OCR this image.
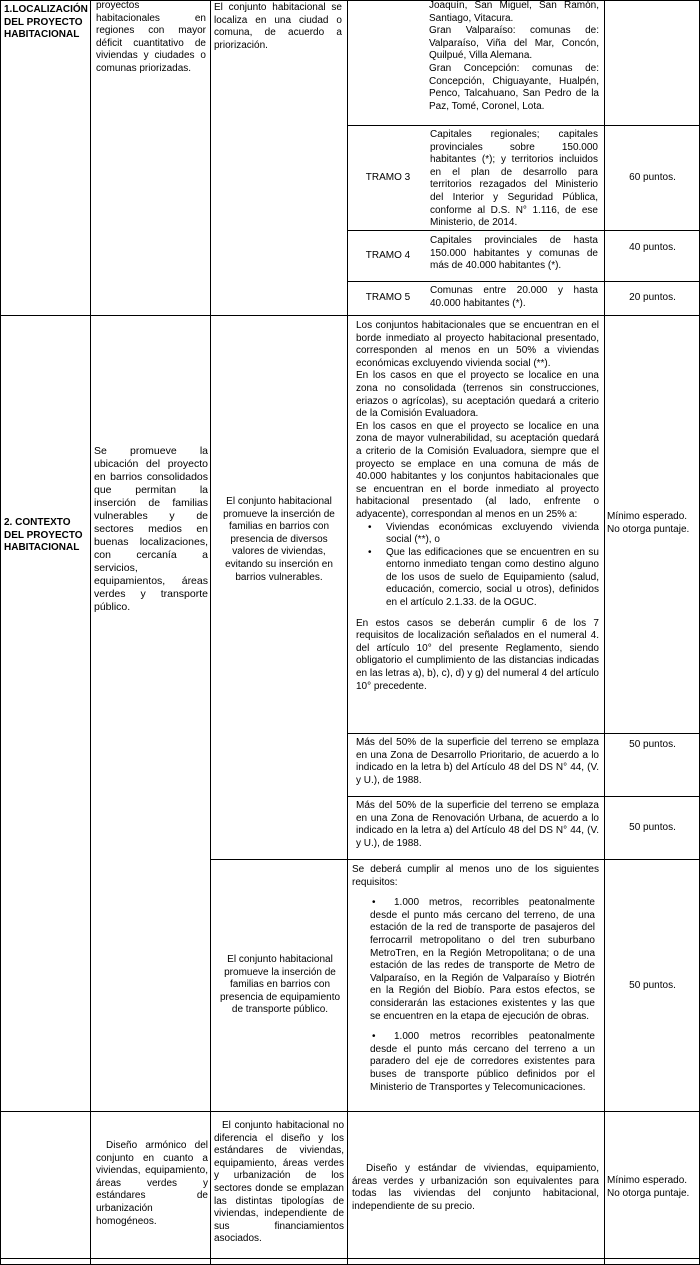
1.LOCALIZACIÓN DEL PROYECTO HABITACIONAL
proyectos habitacionales en regiones con mayor déficit cuantitativo de viviendas y ciudades o comunas priorizadas.
El conjunto habitacional se localiza en una ciudad o comuna, de acuerdo a priorización.

Joaquín, San Miguel, San Ramón, Santiago, Vitacura.

Gran Valparaíso: comunas de: Valparaíso, Viña del Mar, Concón, Quilpué, Villa Alemana.

Gran Concepción: comunas de: Concepción, Chiguayante, Hualpén, Penco, Talcahuano, San Pedro de la Paz, Tomé, Coronel, Lota.

TRAMO 3
Capitales regionales; capitales provinciales sobre 150.000 habitantes (*); y territorios incluidos en el plan de desarrollo para territorios rezagados del Ministerio del Interior y Seguridad Pública, conforme al D.S. N° 1.116, de ese Ministerio, de 2014.
60 puntos.
TRAMO 4
Capitales provinciales de hasta 150.000 habitantes y comunas de más de 40.000 habitantes (*).
40 puntos.
TRAMO 5
Comunas entre 20.000 y hasta 40.000 habitantes (*).
20 puntos.
2. CONTEXTO DEL PROYECTO HABITACIONAL
Se promueve la ubicación del proyecto en barrios consolidados que permitan la inserción de familias vulnerables y de sectores medios en buenas localizaciones, con cercanía a servicios, equipamientos, áreas verdes y transporte público.
El conjunto habitacional promueve la inserción de familias en barrios con presencia de diversos valores de viviendas, evitando su inserción en barrios vulnerables.

Los conjuntos habitacionales que se encuentran en el borde inmediato al proyecto habitacional presentado, corresponden al menos en un 50% a viviendas económicas excluyendo vivienda social (**).

En los casos en que el proyecto se localice en una zona no consolidada (terrenos sin construcciones, eriazos o agrícolas), su aceptación quedará a criterio de la Comisión Evaluadora.

En los casos en que el proyecto se localice en una zona de mayor vulnerabilidad, su aceptación quedará a criterio de la Comisión Evaluadora, siempre que el proyecto se emplace en una comuna de más de 40.000 habitantes y los conjuntos habitacionales que se encuentran en el borde inmediato al proyecto habitacional presentado (al lado, enfrente o adyacente), correspondan al menos en un 25% a:

• Viviendas económicas excluyendo vivienda social (**), o
• Que las edificaciones que se encuentren en su entorno inmediato tengan como destino alguno de los usos de suelo de Equipamiento (salud, educación, comercio, social u otros), definidos en el artículo 2.1.33. de la OGUC.

En estos casos se deberán cumplir 6 de los 7 requisitos de localización señalados en el numeral 4. del artículo 10° del presente Reglamento, siendo obligatorio el cumplimiento de las distancias indicadas en las letras a), b), c), d) y g) del numeral 4 del artículo 10° precedente.

Mínimo esperado. No otorga puntaje.
Más del 50% de la superficie del terreno se emplaza en una Zona de Desarrollo Prioritario, de acuerdo a lo indicado en la letra b) del Artículo 48 del DS N° 44, (V. y U.), de 1988.
50 puntos.
Más del 50% de la superficie del terreno se emplaza en una Zona de Renovación Urbana, de acuerdo a lo indicado en la letra a) del Artículo 48 del DS N° 44, (V. y U.), de 1988.
50 puntos.
El conjunto habitacional promueve la inserción de familias en barrios con presencia de equipamiento de transporte público.

Se deberá cumplir al menos uno de los siguientes requisitos:

• 1.000 metros, recorribles peatonalmente desde el punto más cercano del terreno, de una estación de la red de transporte de pasajeros del ferrocarril metropolitano o del tren suburbano MetroTren, en la Región Metropolitana; o de una estación de las redes de transporte de Metro de Valparaíso, en la Región de Valparaíso y Biotrén en la Región del Biobío. Para estos efectos, se considerarán las estaciones existentes y las que se encuentren en la etapa de ejecución de obras.
• 1.000 metros recorribles peatonalmente desde el punto más cercano del terreno a un paradero del eje de corredores existentes para buses de transporte público definidos por el Ministerio de Transportes y Telecomunicaciones.
50 puntos.
Diseño armónico del conjunto en cuanto a viviendas, equipamiento, áreas verdes y estándares de urbanización homogéneos.
El conjunto habitacional no diferencia el diseño y los estándares de viviendas, equipamiento, áreas verdes y urbanización de los sectores donde se emplazan las distintas tipologías de viviendas, independiente de sus financiamientos asociados.
Diseño y estándar de viviendas, equipamiento, áreas verdes y urbanización son equivalentes para todas las viviendas del conjunto habitacional, independiente de su precio.
Mínimo esperado. No otorga puntaje.
